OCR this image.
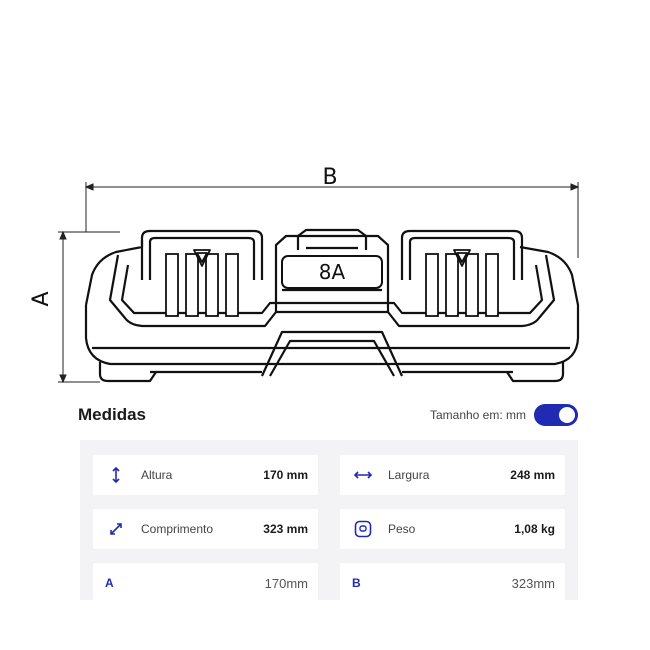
B
A
8A
Medidas	Tamanho em: mm
Altura	170 mm	Largura	248 mm
Comprimento	323 mm	Peso	1,08 kg
A	170mm	B	323mm
